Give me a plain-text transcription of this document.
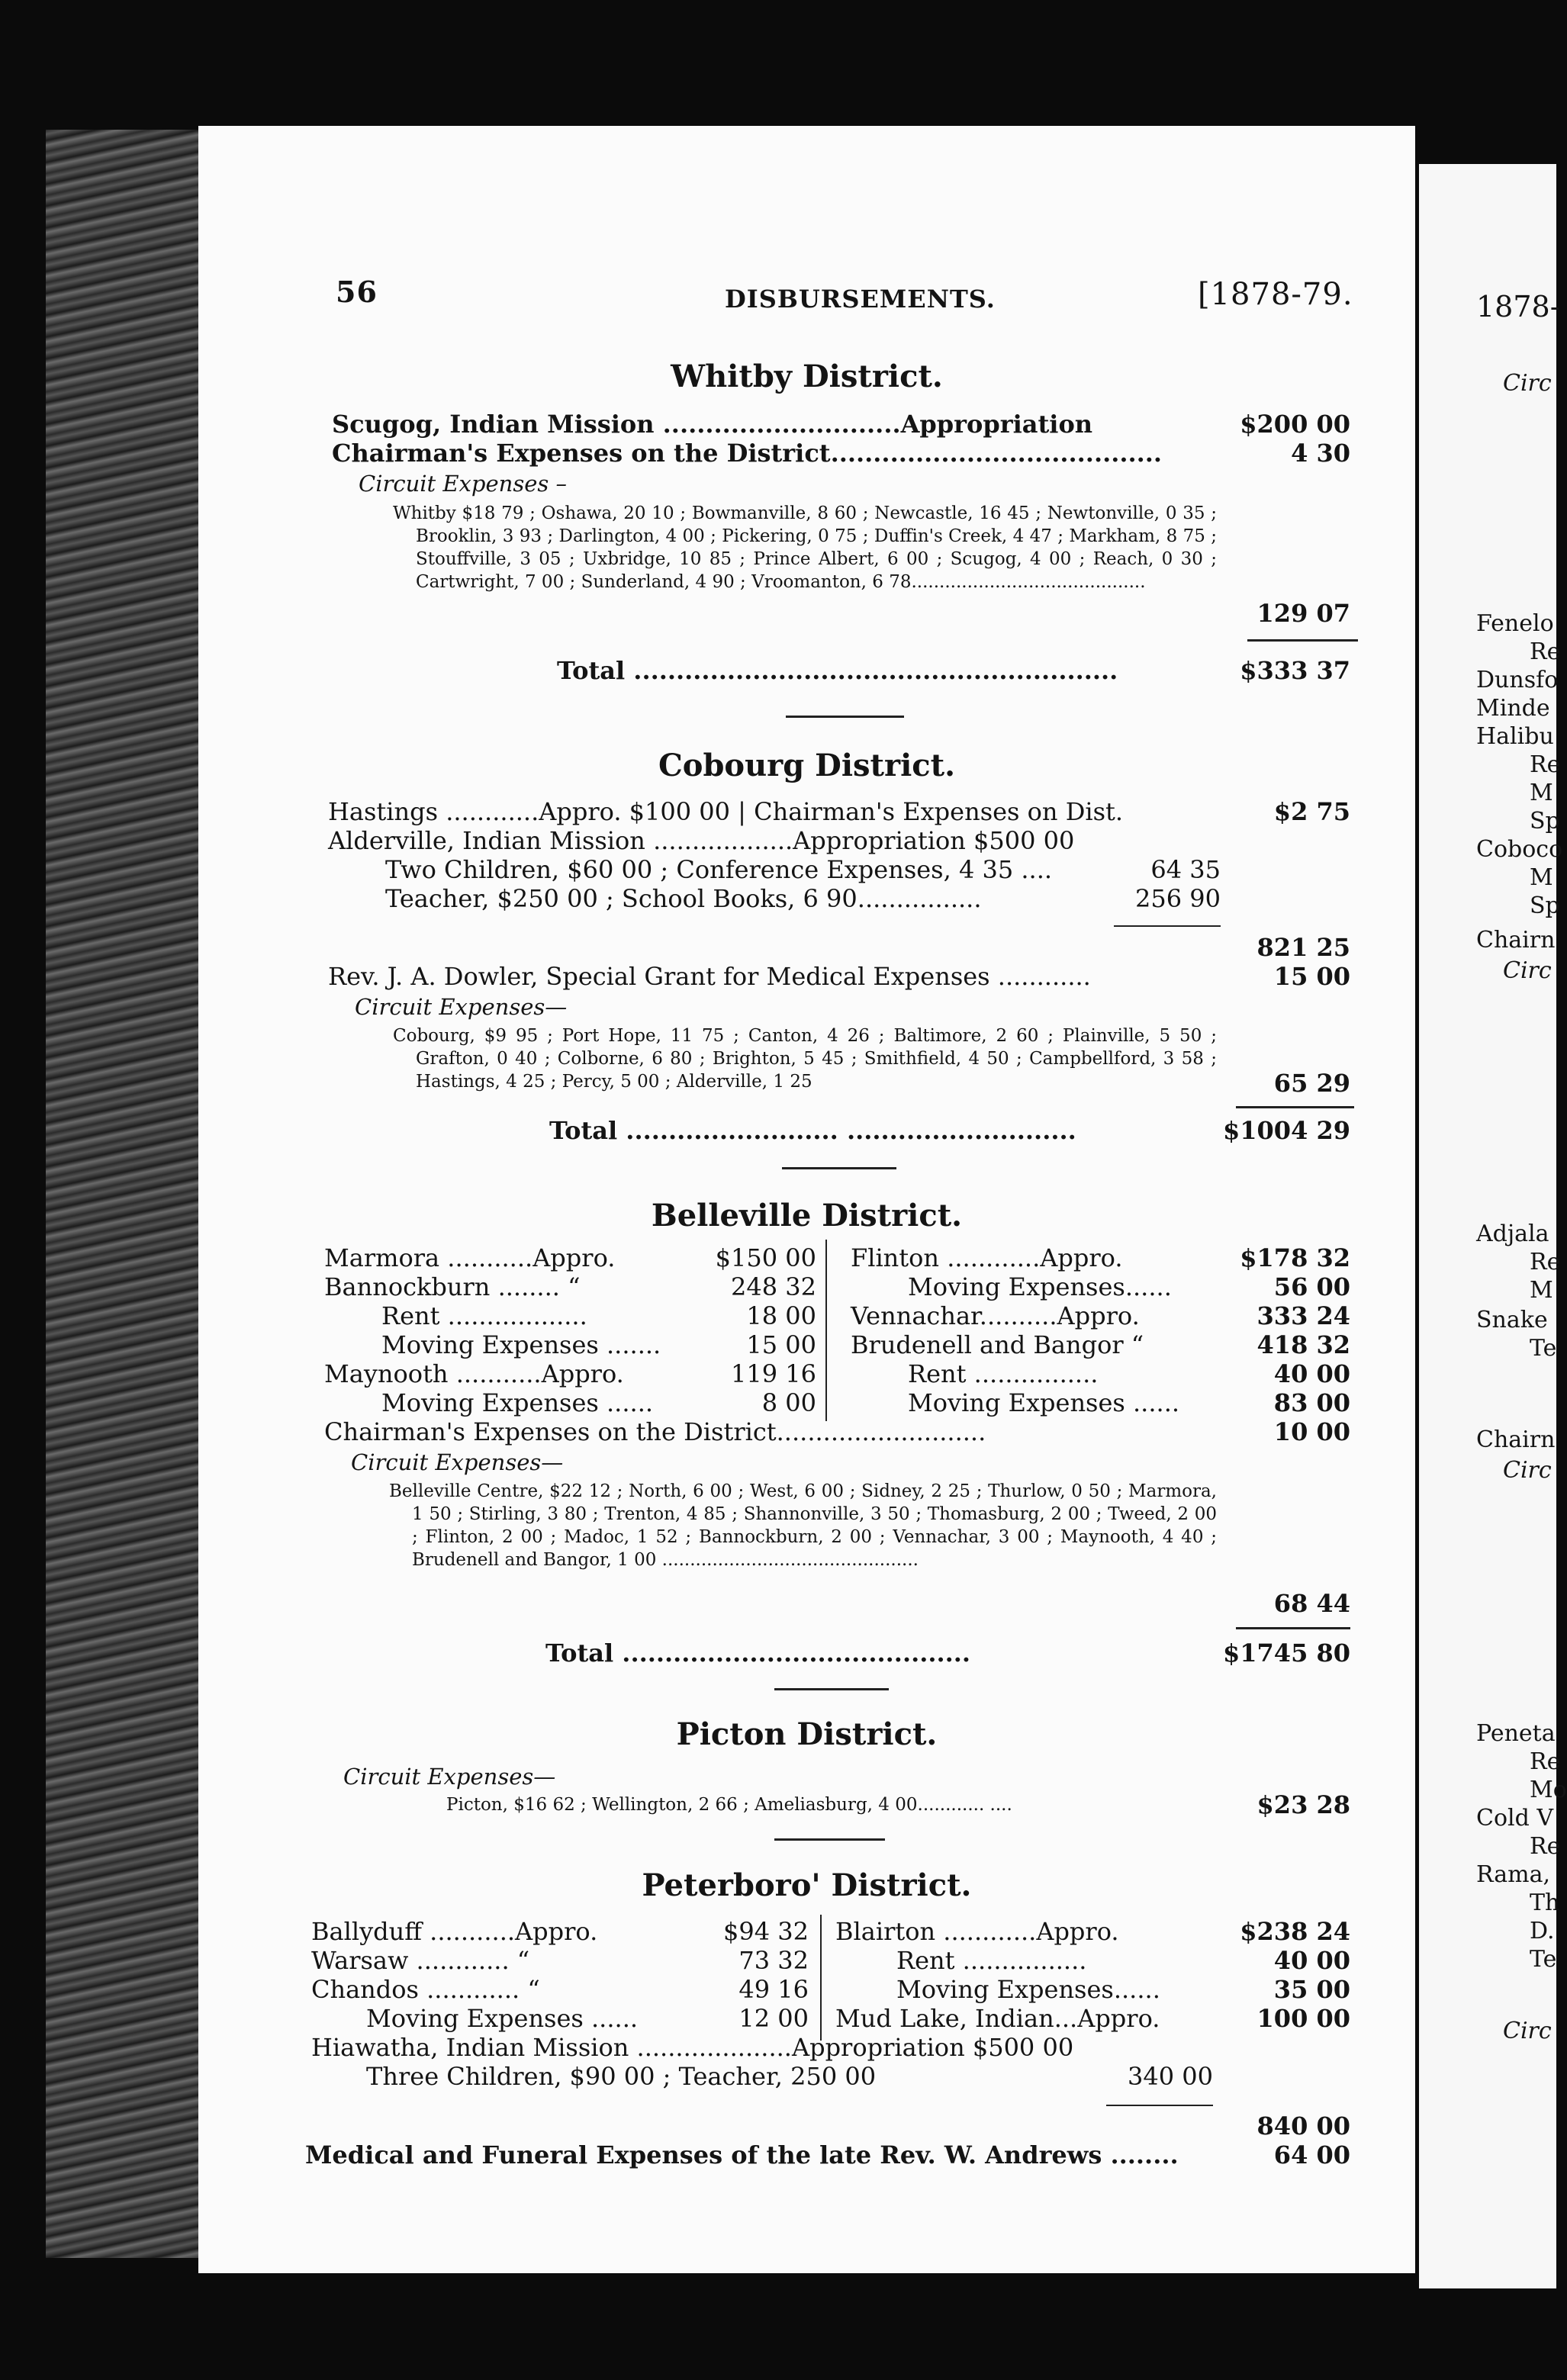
56	DISBURSEMENTS.	[1878-79.
Whitby District.
Scugog, Indian Mission ............................Appropriation	$200 00
Chairman's Expenses on the District.......................................	4 30
Circuit Expenses –
Whitby $18 79 ; Oshawa, 20 10 ; Bowmanville, 8 60 ; Newcastle, 16 45 ; Newtonville, 0 35 ; Brooklin, 3 93 ; Darlington, 4 00 ; Pickering, 0 75 ; Duffin's Creek, 4 47 ; Markham, 8 75 ; Stouffville, 3 05 ; Uxbridge, 10 85 ; Prince Albert, 6 00 ; Scugog, 4 00 ; Reach, 0 30 ; Cartwright, 7 00 ; Sunderland, 4 90 ; Vroomanton, 6 78..........................................
129 07
Total .........................................................	$333 37
Cobourg District.
Hastings ............Appro. $100 00 | Chairman's Expenses on Dist.	$2 75
Alderville, Indian Mission ..................Appropriation $500 00
Two Children, $60 00 ; Conference Expenses, 4 35 ....	64 35
Teacher, $250 00 ; School Books, 6 90................	256 90
821 25
Rev. J. A. Dowler, Special Grant for Medical Expenses ............	15 00
Circuit Expenses—
Cobourg, $9 95 ; Port Hope, 11 75 ; Canton, 4 26 ; Baltimore, 2 60 ; Plainville, 5 50 ; Grafton, 0 40 ; Colborne, 6 80 ; Brighton, 5 45 ; Smithfield, 4 50 ; Campbellford, 3 58 ; Hastings, 4 25 ; Percy, 5 00 ; Alderville, 1 25	65 29
Total ......................... ...........................	$1004 29
Belleville District.
Marmora ...........Appro.	$150 00
Bannockburn ........ “	248 32
Rent ..................	18 00
Moving Expenses .......	15 00
Maynooth ...........Appro.	119 16
Moving Expenses ......	8 00
Flinton ............Appro.	$178 32
Moving Expenses......	56 00
Vennachar..........Appro.	333 24
Brudenell and Bangor “	418 32
Rent ................	40 00
Moving Expenses ......	83 00
Chairman's Expenses on the District...........................	10 00
Circuit Expenses—
Belleville Centre, $22 12 ; North, 6 00 ; West, 6 00 ; Sidney, 2 25 ; Thurlow, 0 50 ; Marmora, 1 50 ; Stirling, 3 80 ; Trenton, 4 85 ; Shannonville, 3 50 ; Thomasburg, 2 00 ; Tweed, 2 00 ; Flinton, 2 00 ; Madoc, 1 52 ; Bannockburn, 2 00 ; Vennachar, 3 00 ; Maynooth, 4 40 ; Brudenell and Bangor, 1 00 ..............................................
68 44
Total .........................................	$1745 80
Picton District.
Circuit Expenses—
Picton, $16 62 ; Wellington, 2 66 ; Ameliasburg, 4 00............ ....	$23 28
Peterboro' District.
Ballyduff ...........Appro.	$94 32
Warsaw ............ “	73 32
Chandos ............ “	49 16
Moving Expenses ......	12 00
Blairton ............Appro.	$238 24
Rent ................	40 00
Moving Expenses......	35 00
Mud Lake, Indian...Appro.	100 00
Hiawatha, Indian Mission ....................Appropriation $500 00
Three Children, $90 00 ; Teacher, 250 00	340 00
840 00
Medical and Funeral Expenses of the late Rev. W. Andrews ........	64 00
1878-
Circ
Fenelo
Re
Dunsfo
Minde
Halibu
Re
M
Sp
Coboco
M
Sp
Chairn
Circ
Adjala
Re
M
Snake
Te
Chairn
Circ
Peneta
Re
Mo
Cold V
Re
Rama,
Th
D.
Te
Circ
